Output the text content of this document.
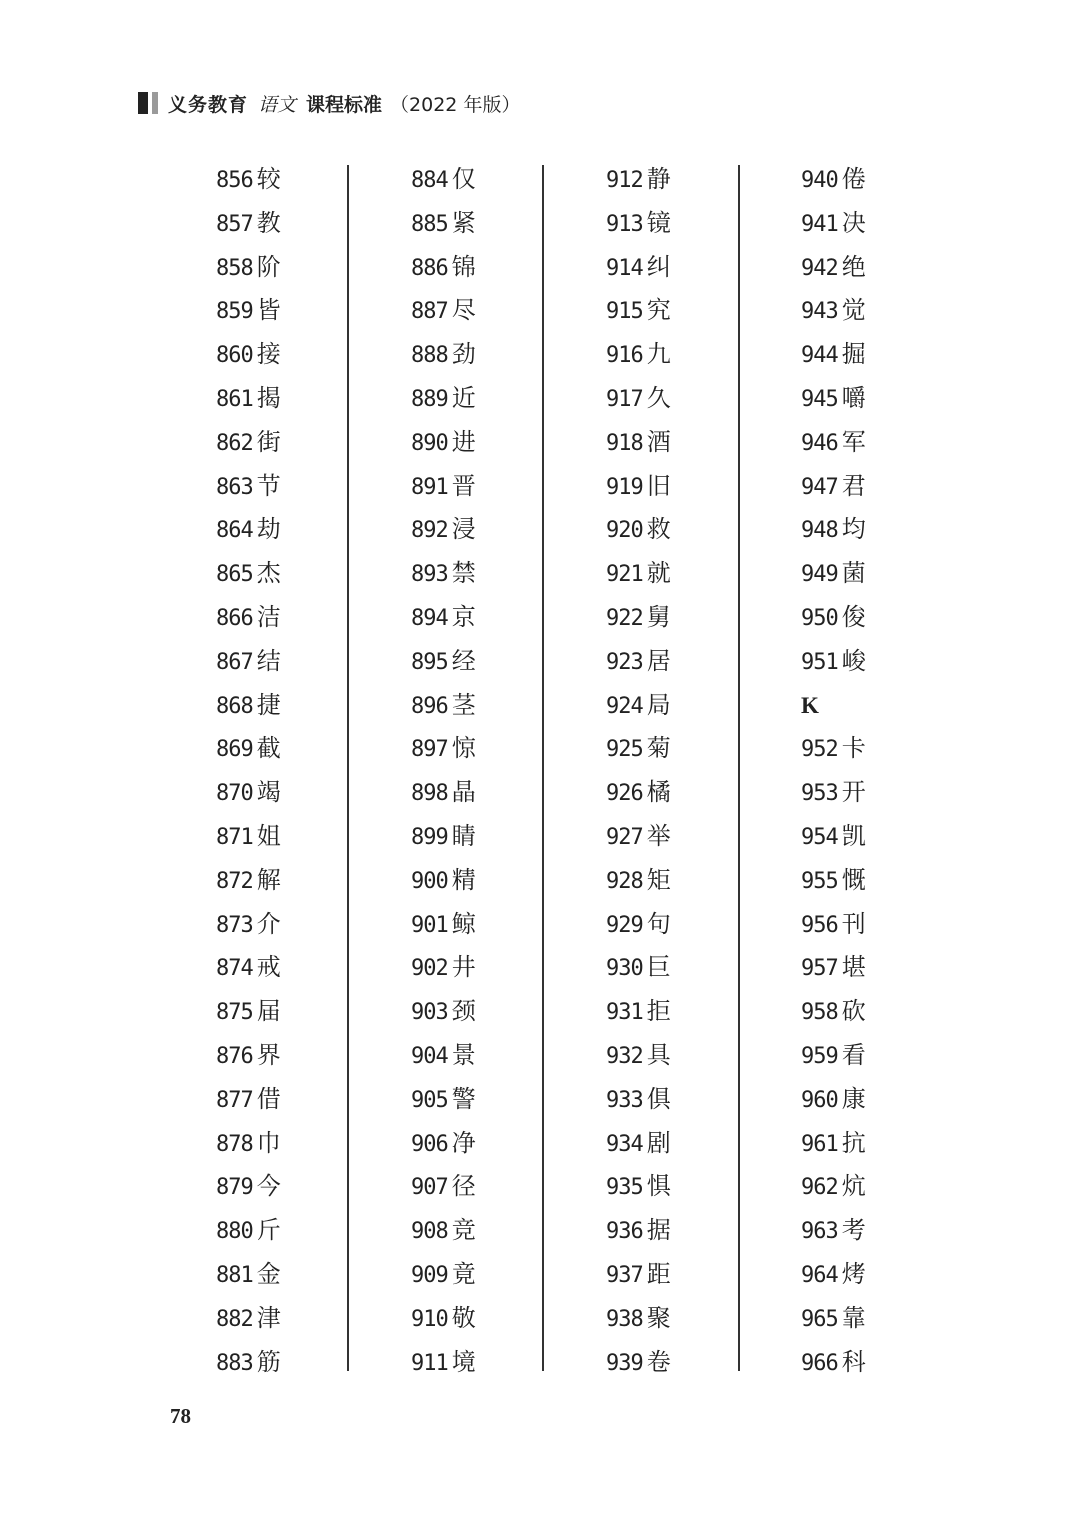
义务教育 语文 课程标准 （2022 年版）
856 较
857 教
858 阶
859 皆
860 接
861 揭
862 街
863 节
864 劫
865 杰
866 洁
867 结
868 捷
869 截
870 竭
871 姐
872 解
873 介
874 戒
875 届
876 界
877 借
878 巾
879 今
880 斤
881 金
882 津
883 筋
884 仅
885 紧
886 锦
887 尽
888 劲
889 近
890 进
891 晋
892 浸
893 禁
894 京
895 经
896 茎
897 惊
898 晶
899 睛
900 精
901 鲸
902 井
903 颈
904 景
905 警
906 净
907 径
908 竞
909 竟
910 敬
911 境
912 静
913 镜
914 纠
915 究
916 九
917 久
918 酒
919 旧
920 救
921 就
922 舅
923 居
924 局
925 菊
926 橘
927 举
928 矩
929 句
930 巨
931 拒
932 具
933 俱
934 剧
935 惧
936 据
937 距
938 聚
939 卷
940 倦
941 决
942 绝
943 觉
944 掘
945 嚼
946 军
947 君
948 均
949 菌
950 俊
951 峻
K
952 卡
953 开
954 凯
955 慨
956 刊
957 堪
958 砍
959 看
960 康
961 抗
962 炕
963 考
964 烤
965 靠
966 科
78
